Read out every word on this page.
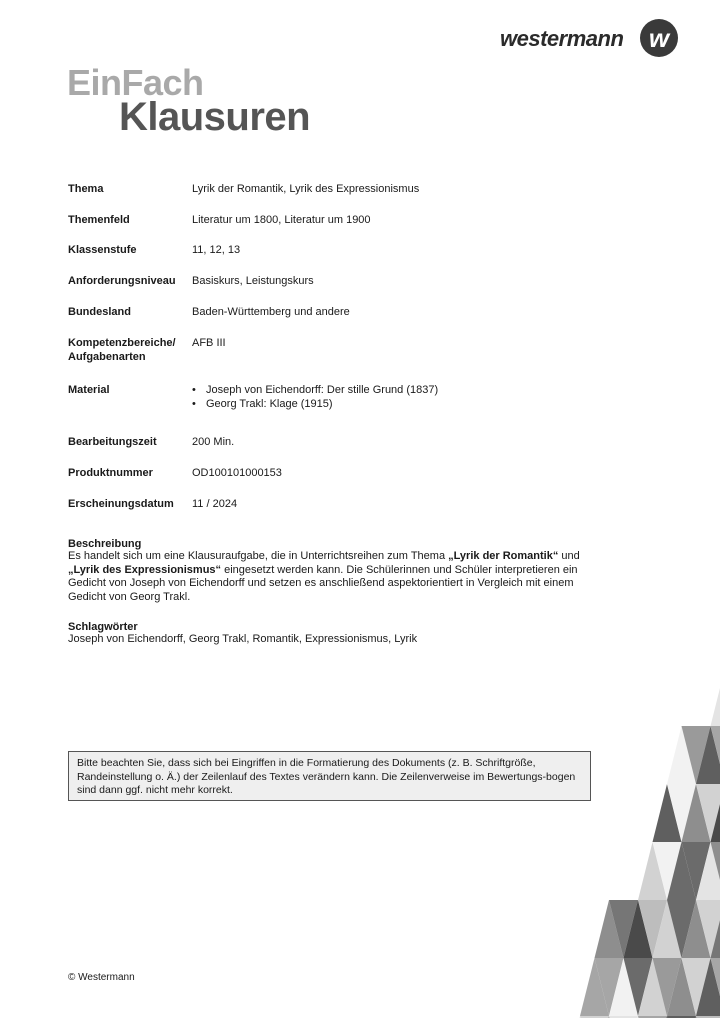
westermann w
EinFach
Klausuren
Thema	Lyrik der Romantik, Lyrik des Expressionismus
Themenfeld	Literatur um 1800, Literatur um 1900
Klassenstufe	11, 12, 13
Anforderungsniveau	Basiskurs, Leistungskurs
Bundesland	Baden-Württemberg und andere
Kompetenzbereiche/
Aufgabenarten
AFB III
Material
•	Joseph von Eichendorff: Der stille Grund (1837)
• Georg Trakl: Klage (1915)
Bearbeitungszeit	200 Min.
Produktnummer	OD100101000153
Erscheinungsdatum	11 / 2024
Beschreibung
Es handelt sich um eine Klausuraufgabe, die in Unterrichtsreihen zum Thema „Lyrik der Romantik“ und „Lyrik des Expressionismus“ eingesetzt werden kann. Die Schülerinnen und Schüler interpretieren ein Gedicht von Joseph von Eichendorff und setzen es anschließend aspektorientiert in Vergleich mit einem Gedicht von Georg Trakl.
Schlagwörter
Joseph von Eichendorff, Georg Trakl, Romantik, Expressionismus, Lyrik
Bitte beachten Sie, dass sich bei Eingriffen in die Formatierung des Dokuments (z. B. Schriftgröße, Randeinstellung o. Ä.) der Zeilenlauf des Textes verändern kann. Die Zeilenverweise im Bewertungs-bogen sind dann ggf. nicht mehr korrekt.
© Westermann
